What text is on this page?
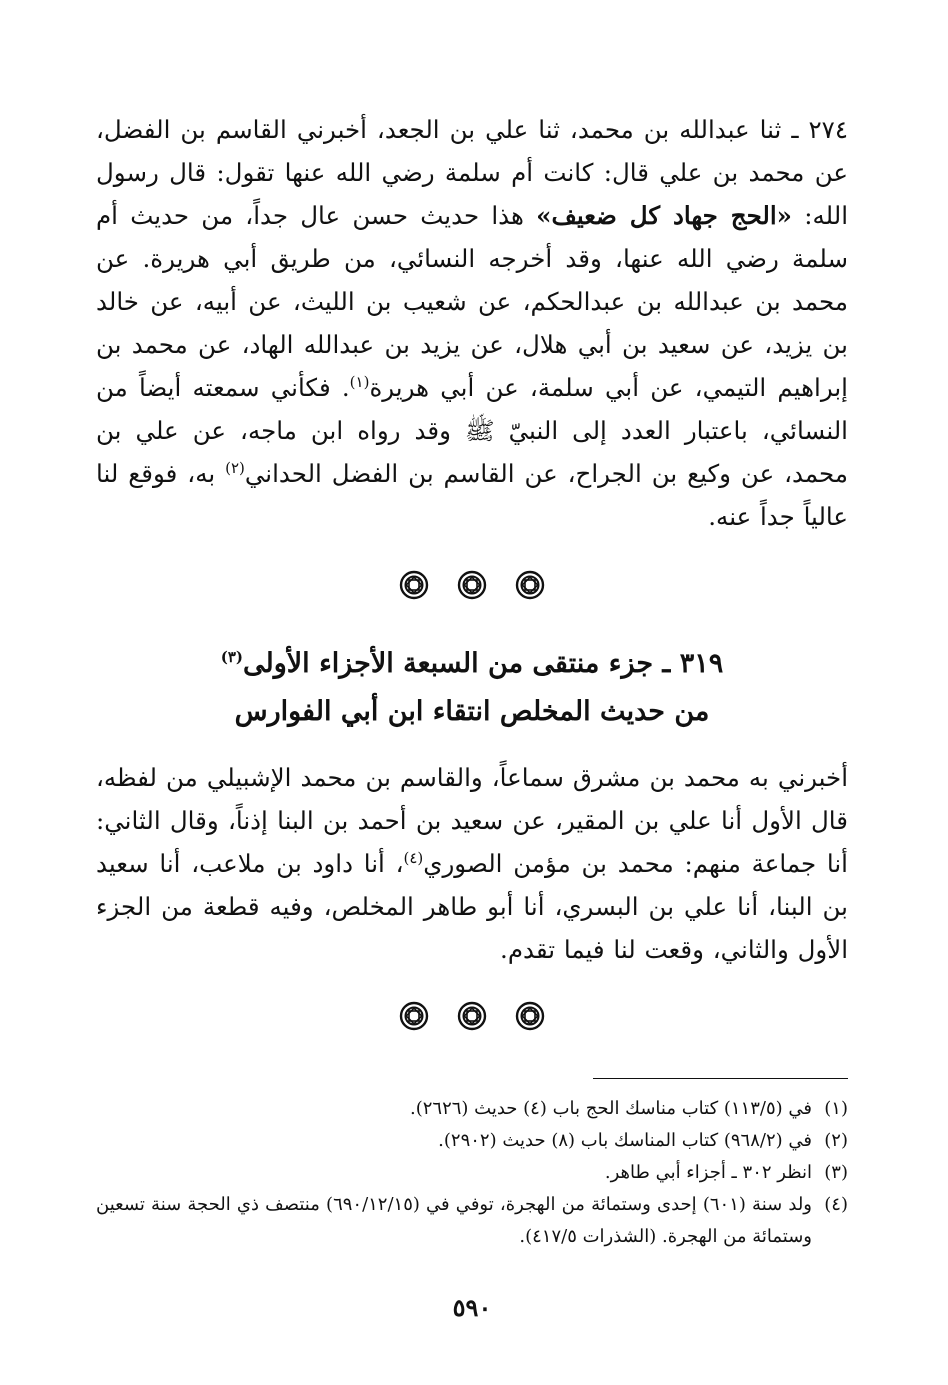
٢٧٤ ـ ثنا عبدالله بن محمد، ثنا علي بن الجعد، أخبرني القاسم بن الفضل، عن محمد بن علي قال: كانت أم سلمة رضي الله عنها تقول: قال رسول الله: «الحج جهاد كل ضعيف» هذا حديث حسن عال جداً، من حديث أم سلمة رضي الله عنها، وقد أخرجه النسائي، من طريق أبي هريرة. عن محمد بن عبدالله بن عبدالحكم، عن شعيب بن الليث، عن أبيه، عن خالد بن يزيد، عن سعيد بن أبي هلال، عن يزيد بن عبدالله الهاد، عن محمد بن إبراهيم التيمي، عن أبي سلمة، عن أبي هريرة$^{(١)}$. فكأني سمعته أيضاً من النسائي، باعتبار العدد إلى النبيّ ﷺ وقد رواه ابن ماجه، عن علي بن محمد، عن وكيع بن الجراح، عن القاسم بن الفضل الحداني$^{(٢)}$ به، فوقع لنا عالياً جداً عنه.

٣١٩ ـ جزء منتقى من السبعة الأجزاء الأولى$^{(٣)}$

من حديث المخلص انتقاء ابن أبي الفوارس

أخبرني به محمد بن مشرق سماعاً، والقاسم بن محمد الإشبيلي من لفظه، قال الأول أنا علي بن المقير، عن سعيد بن أحمد بن البنا إذناً، وقال الثاني: أنا جماعة منهم: محمد بن مؤمن الصوري$^{(٤)}$، أنا داود بن ملاعب، أنا سعيد بن البنا، أنا علي بن البسري، أنا أبو طاهر المخلص، وفيه قطعة من الجزء الأول والثاني، وقعت لنا فيما تقدم.

(١)
في (١١٣/٥) كتاب مناسك الحج باب (٤) حديث (٢٦٢٦).
(٢)
في (٩٦٨/٢) كتاب المناسك باب (٨) حديث (٢٩٠٢).
(٣)
انظر ٣٠٢ ـ أجزاء أبي طاهر.
(٤)
ولد سنة (٦٠١) إحدى وستمائة من الهجرة، توفي في (٦٩٠/١٢/١٥) منتصف ذي الحجة سنة تسعين وستمائة من الهجرة. (الشذرات ٤١٧/٥).
٥٩٠
